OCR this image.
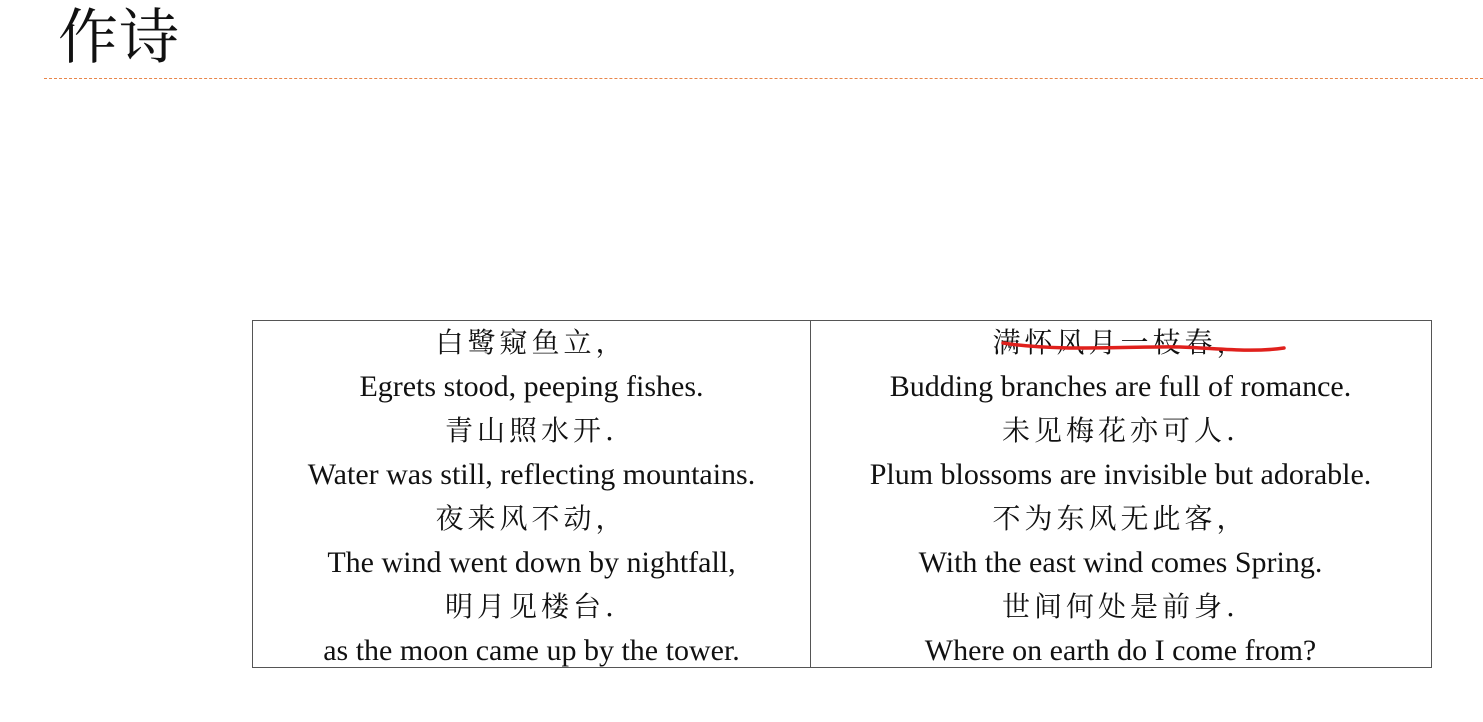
作诗
白鹭窥鱼立，
Egrets stood, peeping fishes.
青山照水开.
Water was still, reflecting mountains.
夜来风不动，
The wind went down by nightfall,
明月见楼台.
as the moon came up by the tower.
满怀风月一枝春，
Budding branches are full of romance.
未见梅花亦可人.
Plum blossoms are invisible but adorable.
不为东风无此客，
With the east wind comes Spring.
世间何处是前身.
Where on earth do I come from?
